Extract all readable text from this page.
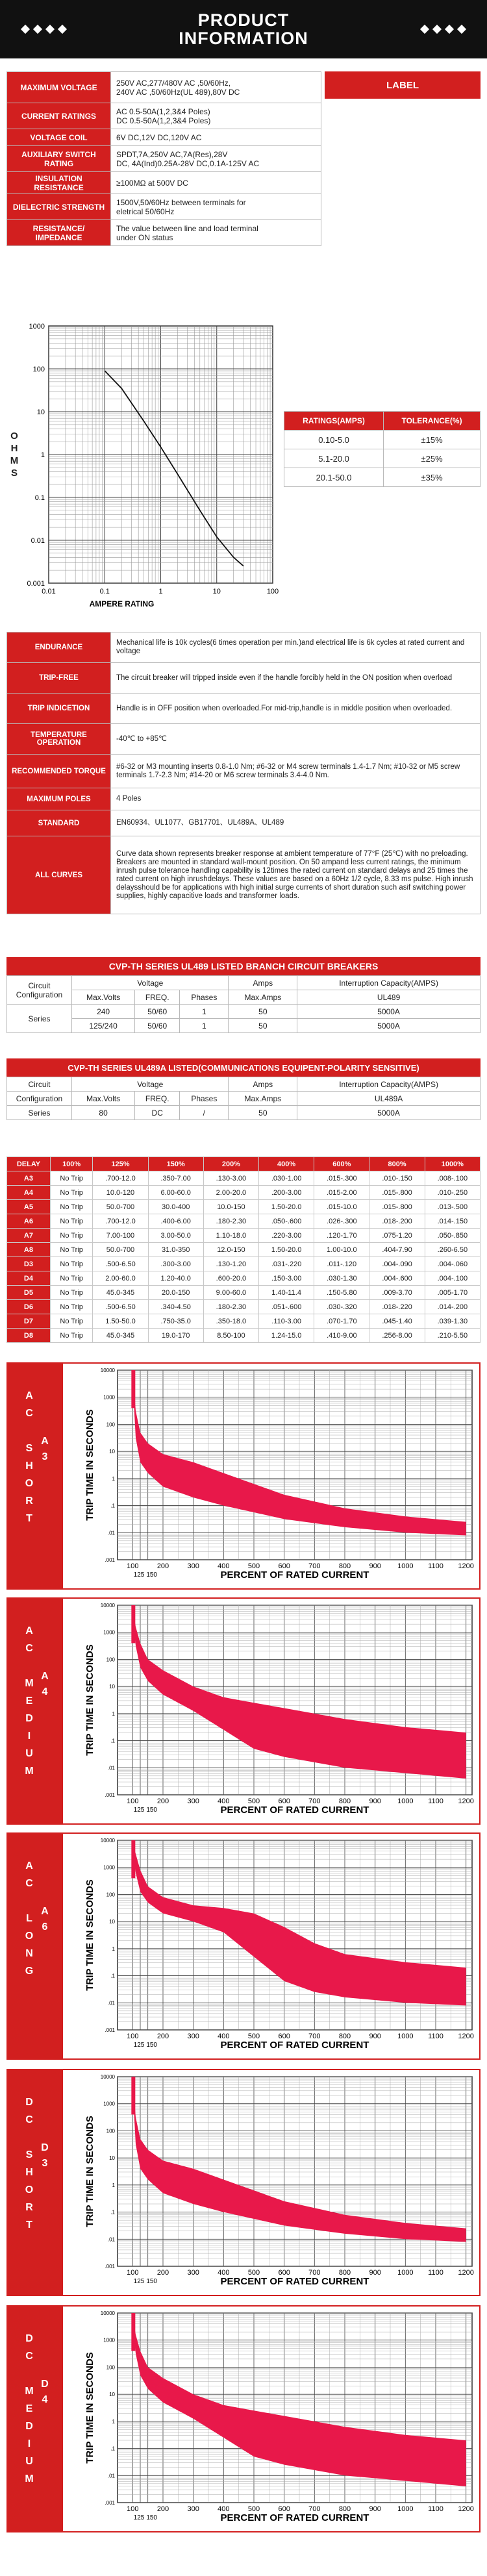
PRODUCT
INFORMATION
MAXIMUM VOLTAGE	250V AC,277/480V AC ,50/60Hz,
240V AC ,50/60Hz(UL 489),80V DC

CURRENT RATINGS	AC 0.5-50A(1,2,3&4 Poles)
DC 0.5-50A(1,2,3&4 Poles)

VOLTAGE COIL	6V DC,12V DC,120V AC

AUXILIARY SWITCH RATING	SPDT,7A,250V AC,7A(Res),28V
DC, 4A(Ind)0.25A-28V DC,0.1A-125V AC

INSULATION RESISTANCE	≥100MΩ at 500V DC

DIELECTRIC STRENGTH	1500V,50/60Hz between terminals for
eletrical 50/60Hz

RESISTANCE/ IMPEDANCE	The value between line and load terminal
under ON status
LABEL
1000
100
10
1
0.1
0.01
0.001
0.01	0.1	1	10	100
AMPERE RATING
O
H
M
S
RATINGS(AMPS)	TOLERANCE(%)
0.10-5.0	±15%
5.1-20.0	±25%
20.1-50.0	±35%
ENDURANCE	Mechanical life is 10k cycles(6 times operation per min.)and electrical life is 6k cycles at rated current and voltage
TRIP-FREE	The circuit breaker will tripped inside even if the handle forcibly held in the ON position when overload
TRIP INDICETION	Handle is in OFF position when overloaded.For mid-trip,handle is in middle position when overloaded.
TEMPERATURE OPERATION	-40℃ to +85℃
RECOMMENDED TORQUE	#6-32 or M3 mounting inserts 0.8-1.0 Nm; #6-32 or M4 screw terminals 1.4-1.7 Nm; #10-32 or M5 screw terminals 1.7-2.3 Nm; #14-20 or M6 screw terminals 3.4-4.0 Nm.
MAXIMUM POLES	4 Poles
STANDARD	EN60934、UL1077、GB17701、UL489A、UL489
ALL CURVES	Curve data shown represents breaker response at ambient temperature of 77°F (25℃) with no preloading. Breakers are mounted in standard wall-mount position. On 50 ampand less current ratings, the minimum inrush pulse tolerance handling capability is 12times the rated current on standard delays and 25 times the rated current on high inrushdelays. These values are based on a 60Hz 1/2 cycle, 8.33 ms pulse. High inrush delaysshould be for applications with high initial surge currents of short duration such asif switching power supplies, highly capacitive loads and transformer loads.
CVP-TH SERIES UL489 LISTED BRANCH CIRCUIT BREAKERS
Circuit Configuration	Voltage			Amps	Interruption Capacity(AMPS)
	Max.Volts	FREQ.	Phases	Max.Amps	UL489
Series	240	50/60	1	50	5000A
	125/240	50/60	1	50	5000A
CVP-TH SERIES UL489A LISTED(COMMUNICATIONS EQUIPENT-POLARITY SENSITIVE)
Circuit	Voltage			Amps	Interruption Capacity(AMPS)
Configuration	Max.Volts	FREQ.	Phases	Max.Amps	UL489A
Series	80	DC	/	50	5000A
DELAY	100%	125%	150%	200%	400%	600%	800%	1000%
A3	No Trip	.700-12.0	.350-7.00	.130-3.00	.030-1.00	.015-.300	.010-.150	.008-.100
A4	No Trip	10.0-120	6.00-60.0	2.00-20.0	.200-3.00	.015-2.00	.015-.800	.010-.250
A5	No Trip	50.0-700	30.0-400	10.0-150	1.50-20.0	.015-10.0	.015-.800	.013-.500
A6	No Trip	.700-12.0	.400-6.00	.180-2.30	.050-.600	.026-.300	.018-.200	.014-.150
A7	No Trip	7.00-100	3.00-50.0	1.10-18.0	.220-3.00	.120-1.70	.075-1.20	.050-.850
A8	No Trip	50.0-700	31.0-350	12.0-150	1.50-20.0	1.00-10.0	.404-7.90	.260-6.50
D3	No Trip	.500-6.50	.300-3.00	.130-1.20	.031-.220	.011-.120	.004-.090	.004-.060
D4	No Trip	2.00-60.0	1.20-40.0	.600-20.0	.150-3.00	.030-1.30	.004-.600	.004-.100
D5	No Trip	45.0-345	20.0-150	9.00-60.0	1.40-11.4	.150-5.80	.009-3.70	.005-1.70
D6	No Trip	.500-6.50	.340-4.50	.180-2.30	.051-.600	.030-.320	.018-.220	.014-.200
D7	No Trip	1.50-50.0	.750-35.0	.350-18.0	.110-3.00	.070-1.70	.045-1.40	.039-1.30
D8	No Trip	45.0-345	19.0-170	8.50-100	1.24-15.0	.410-9.00	.256-8.00	.210-5.50
A
C
S
H
O
R
T
A
3
10000
1000
100
10
1
.1
.01
.001
100	200	300	400	500	600	700	800	900 1000 1100 1200
125 150	PERCENT OF RATED CURRENT
TRIP TIME IN SECONDS
A
C
M
E
D
I
U
M
A
4
10000
1000
100
10
1
.1
.01
.001
100	200	300	400	500	600	700	800	900 1000 1100 1200
125 150	PERCENT OF RATED CURRENT
TRIP TIME IN SECONDS
A
C
L
O
N
G
A
6
10000
1000
100
10
1
.1
.01
.001
100	200	300	400	500	600	700	800	900 1000 1100 1200
125 150	PERCENT OF RATED CURRENT
TRIP TIME IN SECONDS
D
C
S
H
O
R
T
D
3
10000
1000
100
10
1
.1
.01
.001
100	200	300	400	500	600	700	800	900 1000 1100 1200
125 150	PERCENT OF RATED CURRENT
TRIP TIME IN SECONDS
D
C
M
E
D
I
U
M
D
4
10000
1000
100
10
1
.1
.01
.001
100	200	300	400	500	600	700	800	900 1000 1100 1200
125 150	PERCENT OF RATED CURRENT
TRIP TIME IN SECONDS
